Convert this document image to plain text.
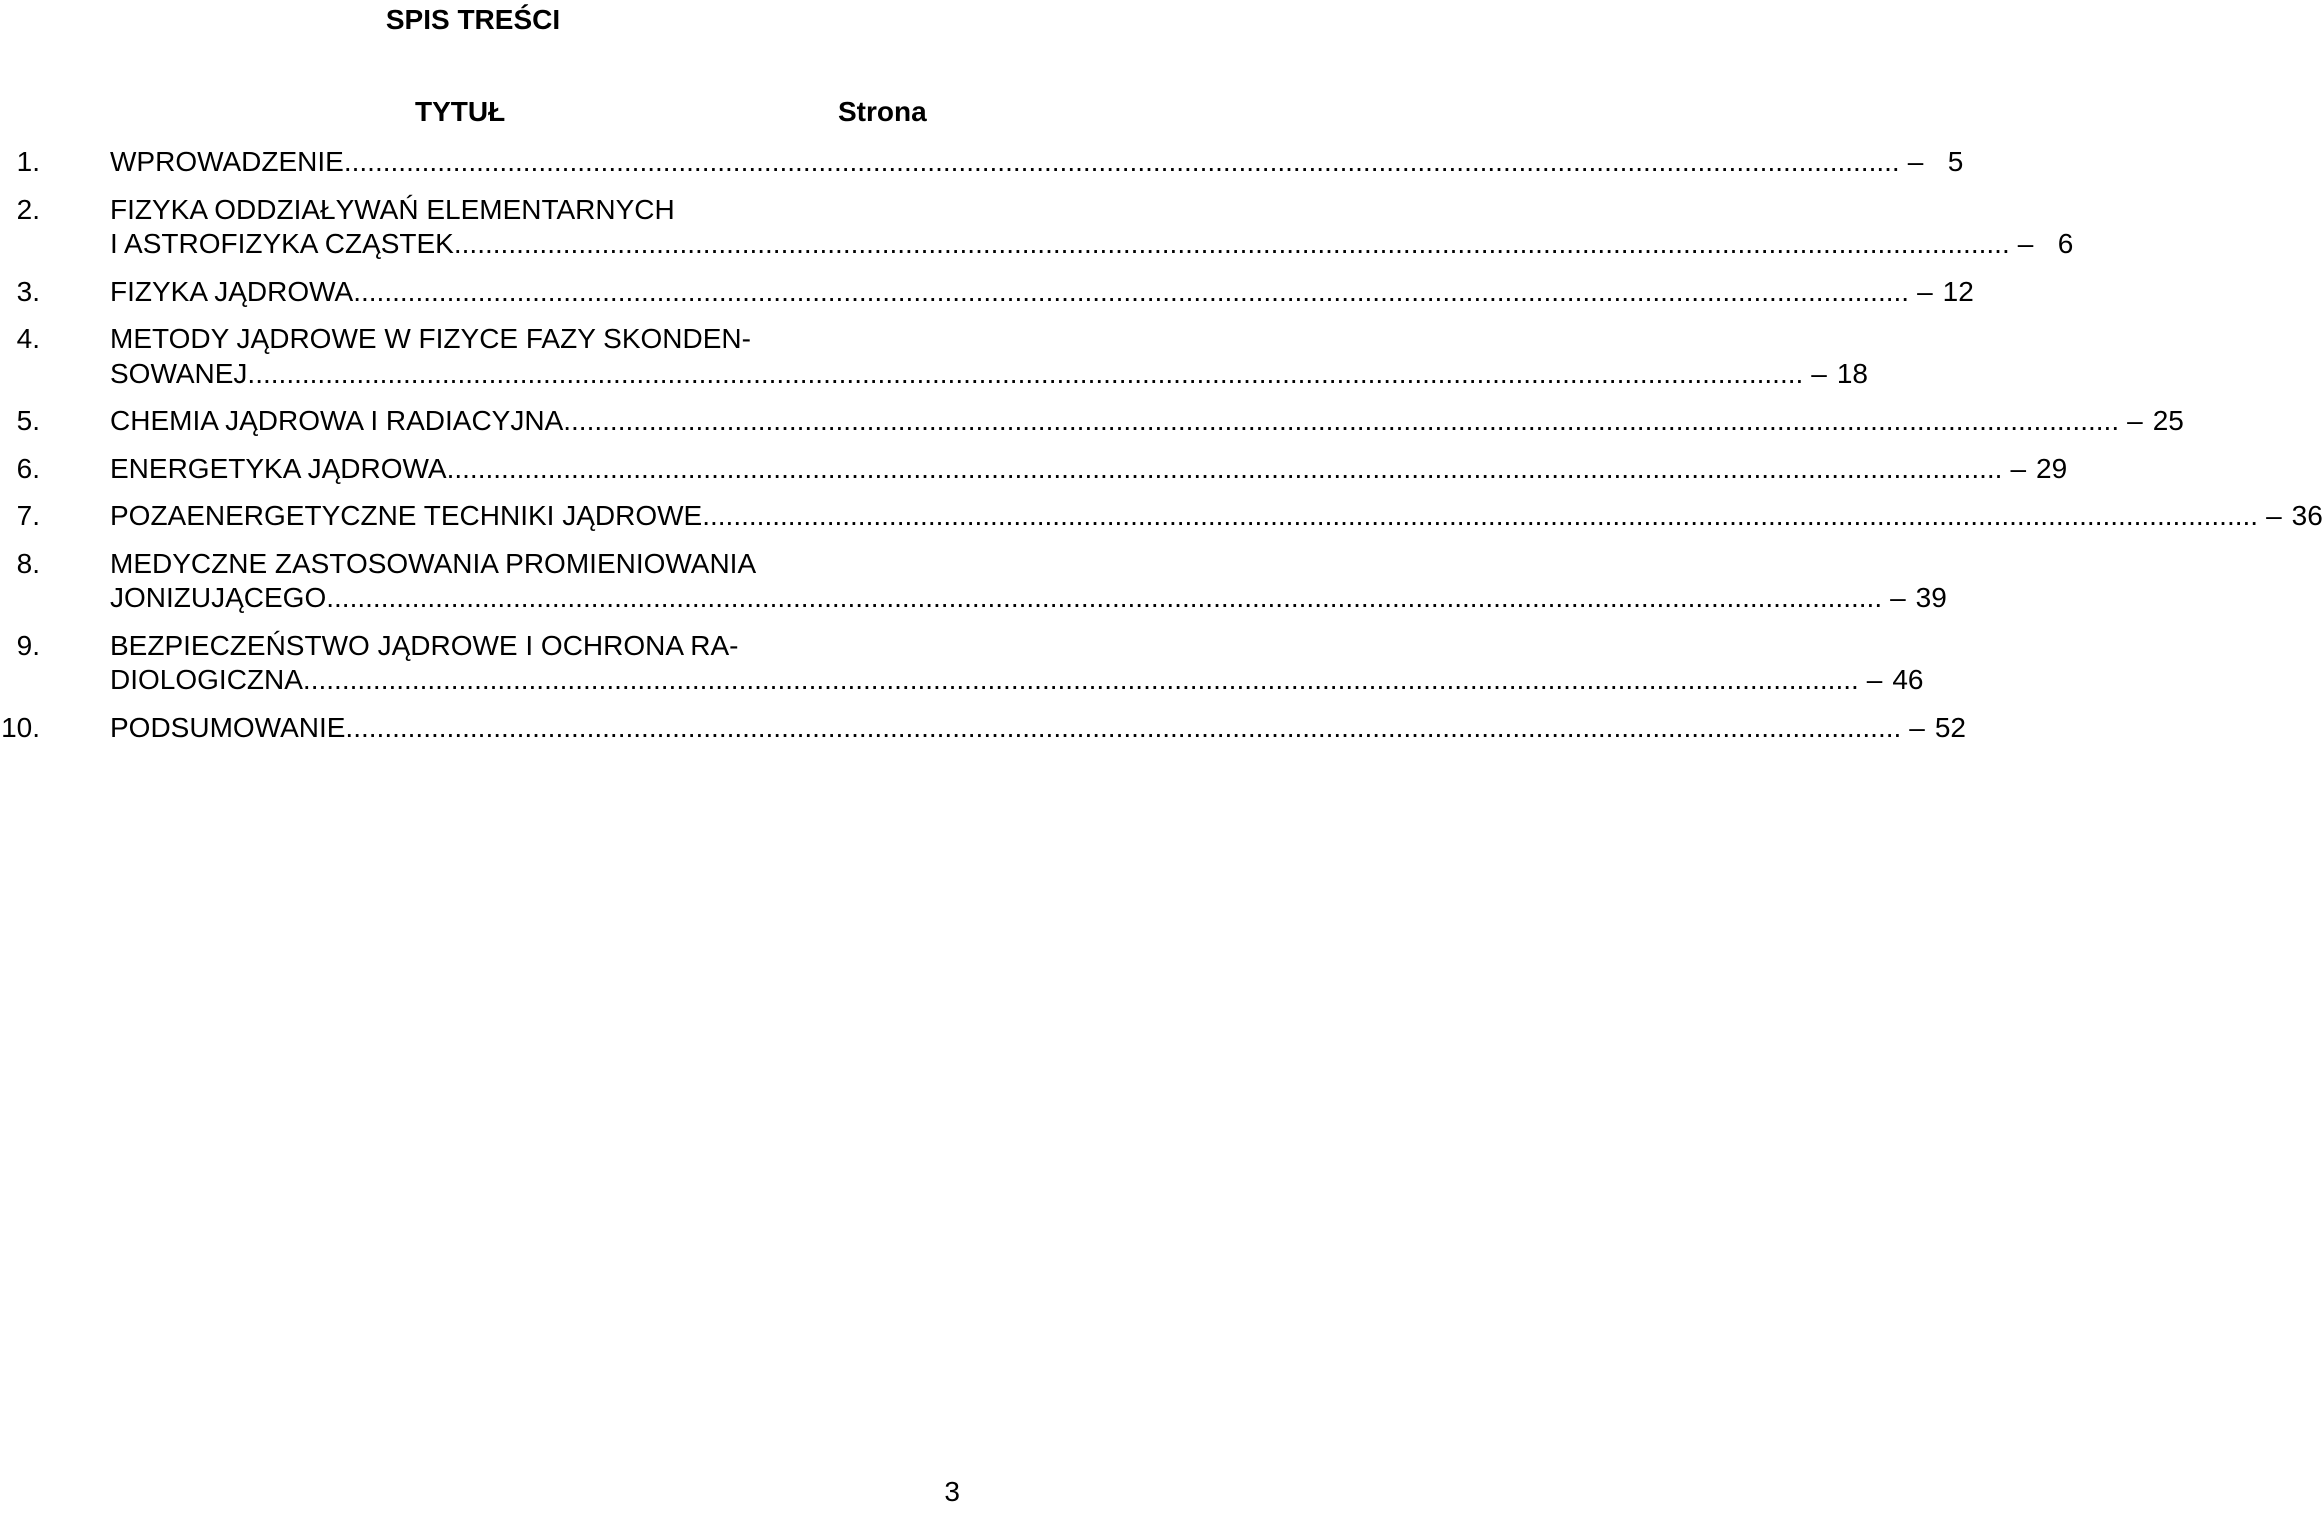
SPIS TREŚCI
TYTUŁ	Strona
1.	WPROWADZENIE ........................................................................................................................................................................................................ – 5
2.	FIZYKA ODDZIAŁYWAŃ ELEMENTARNYCH
I ASTROFIZYKA CZĄSTEK ........................................................................................................................................................................................................ – 6
3.	FIZYKA JĄDROWA ........................................................................................................................................................................................................ – 12
4.	METODY JĄDROWE W FIZYCE FAZY SKONDEN-
SOWANEJ ........................................................................................................................................................................................................ – 18
5.	CHEMIA JĄDROWA I RADIACYJNA ........................................................................................................................................................................................................ – 25
6.	ENERGETYKA JĄDROWA ........................................................................................................................................................................................................ – 29
7.	POZAENERGETYCZNE TECHNIKI JĄDROWE ........................................................................................................................................................................................................ – 36
8.	MEDYCZNE ZASTOSOWANIA PROMIENIOWANIA
JONIZUJĄCEGO ........................................................................................................................................................................................................ – 39
9.	BEZPIECZEŃSTWO JĄDROWE I OCHRONA RA-
DIOLOGICZNA ........................................................................................................................................................................................................ – 46
10.	PODSUMOWANIE ........................................................................................................................................................................................................ – 52
3
